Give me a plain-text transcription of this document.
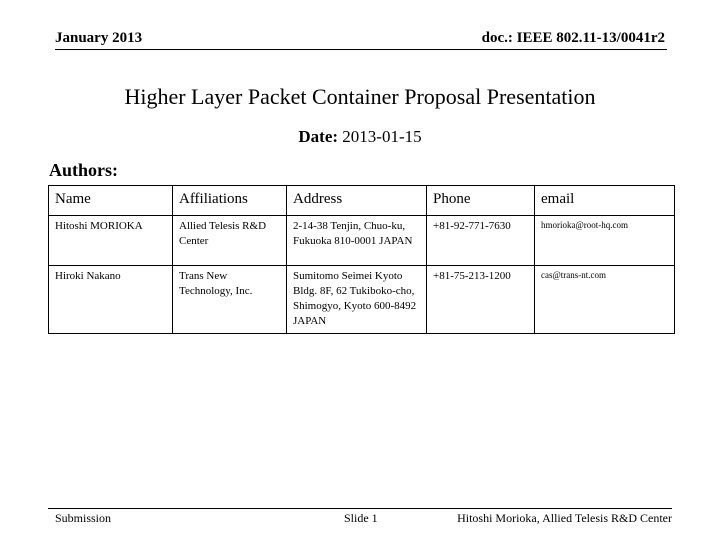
January 2013	doc.: IEEE 802.11-13/0041r2
Higher Layer Packet Container Proposal Presentation
Date: 2013-01-15
Authors:
Name	Affiliations	Address	Phone	email
Hitoshi MORIOKA	Allied Telesis R&D Center	2-14-38 Tenjin, Chuo-ku, Fukuoka 810-0001 JAPAN	+81-92-771-7630	hmorioka@root-hq.com
Hiroki Nakano	Trans New Technology, Inc.	Sumitomo Seimei Kyoto Bldg. 8F, 62 Tukiboko-cho, Shimogyo, Kyoto 600-8492 JAPAN	+81-75-213-1200	cas@trans-nt.com
Submission	Slide 1	Hitoshi Morioka, Allied Telesis R&D Center
